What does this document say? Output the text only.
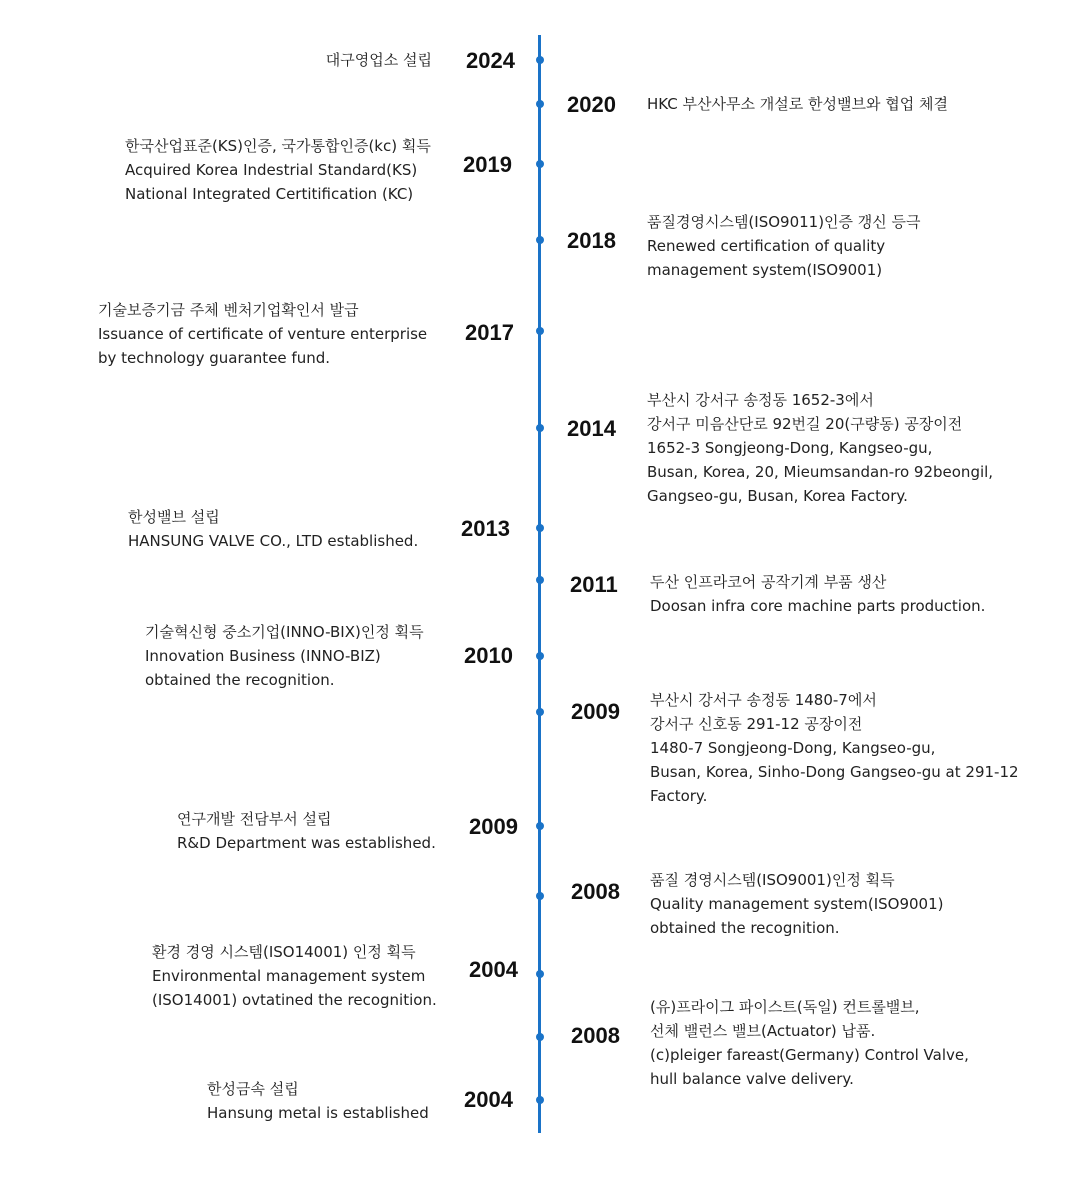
2024
대구영업소 설립
2020 HKC 부산사무소 개설로 한성밸브와 협업 체결
2019
한국산업표준(KS)인증, 국가통합인증(kc) 획득
Acquired Korea Indestrial Standard(KS)
National Integrated Certitification (KC)
2018
품질경영시스템(ISO9011)인증 갱신 등극
Renewed certification of quality
management system(ISO9001)
2017
기술보증기금 주체 벤처기업확인서 발급
Issuance of certificate of venture enterprise
by technology guarantee fund.
2014
부산시 강서구 송정동 1652-3에서
강서구 미음산단로 92번길 20(구량동) 공장이전
1652-3 Songjeong-Dong, Kangseo-gu,
Busan, Korea, 20, Mieumsandan-ro 92beongil,
Gangseo-gu, Busan, Korea Factory.
2013
한성밸브 설립
HANSUNG VALVE CO., LTD established.
2011 두산 인프라코어 공작기계 부품 생산
Doosan infra core machine parts production.
2010
기술혁신형 중소기업(INNO-BIX)인정 획득
Innovation Business (INNO-BIZ)
obtained the recognition.
2009 부산시 강서구 송정동 1480-7에서
강서구 신호동 291-12 공장이전
1480-7 Songjeong-Dong, Kangseo-gu,
Busan, Korea, Sinho-Dong Gangseo-gu at 291-12
Factory.
2009
연구개발 전담부서 설립
R&D Department was established.
2008 품질 경영시스템(ISO9001)인정 획득
Quality management system(ISO9001)
obtained the recognition.
2004
환경 경영 시스템(ISO14001) 인정 획득
Environmental management system
(ISO14001) ovtatined the recognition.
2008
(유)프라이그 파이스트(독일) 컨트롤밸브,
선체 밸런스 밸브(Actuator) 납품.
(c)pleiger fareast(Germany) Control Valve,
hull balance valve delivery.
2004
한성금속 설립
Hansung metal is established
